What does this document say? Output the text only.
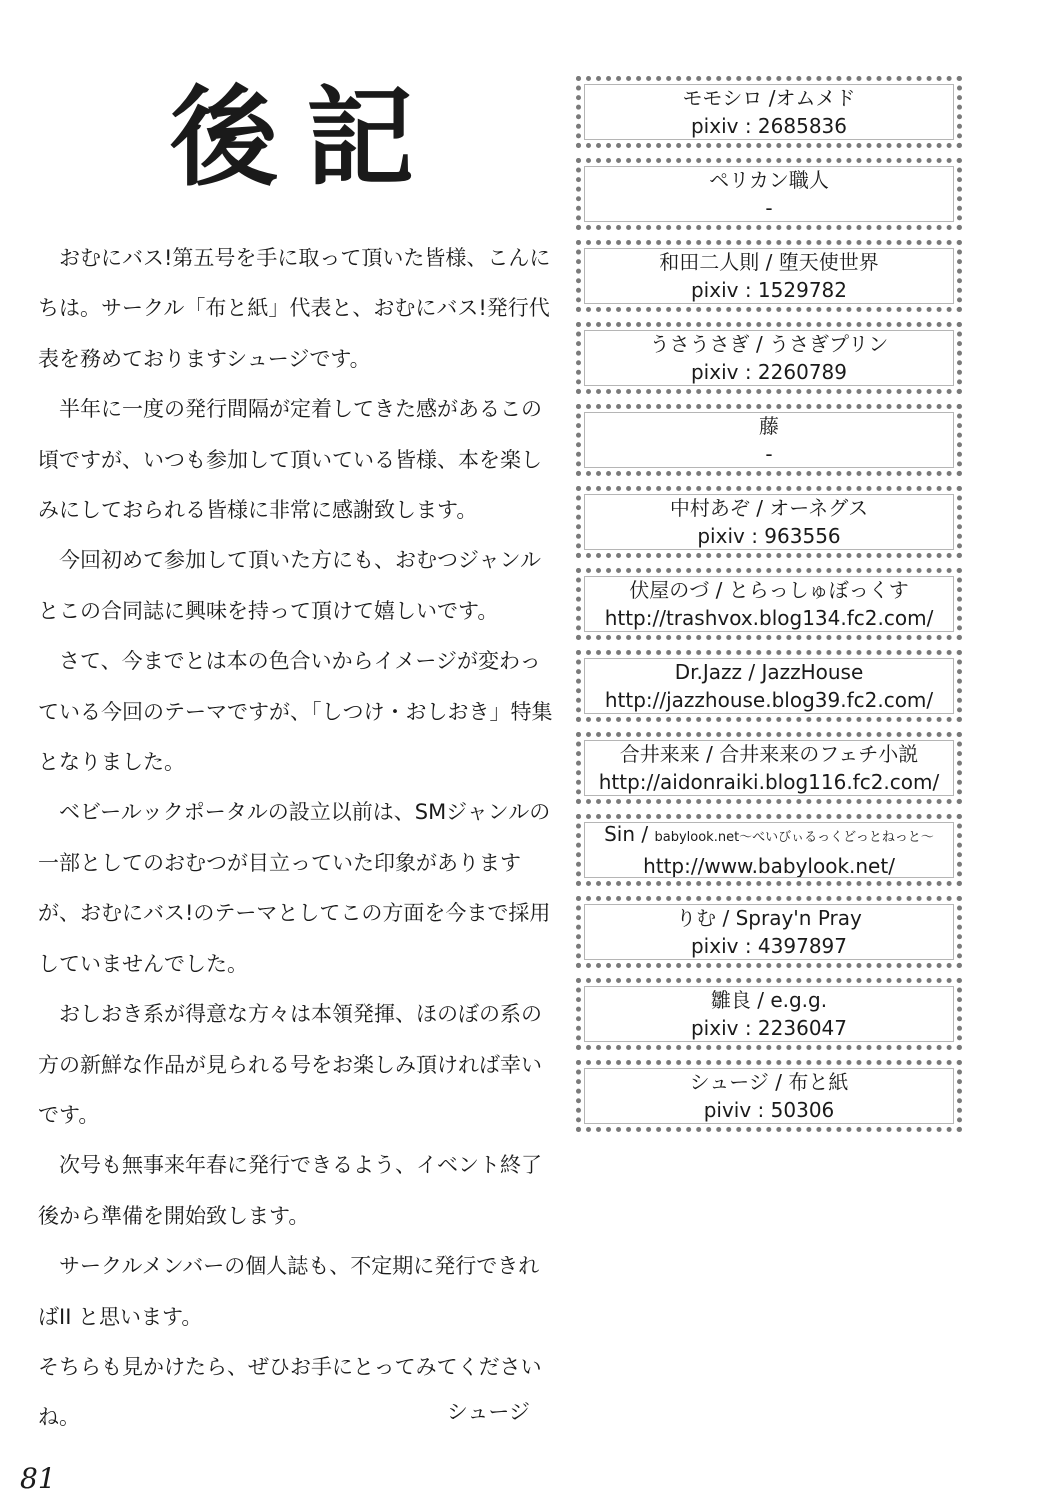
後記

おむにバス!第五号を手に取って頂いた皆様、こんにちは。サークル「布と紙」代表と、おむにバス!発行代表を務めておりますシュージです。

半年に一度の発行間隔が定着してきた感があるこの頃ですが、いつも参加して頂いている皆様、本を楽しみにしておられる皆様に非常に感謝致します。

今回初めて参加して頂いた方にも、おむつジャンルとこの合同誌に興味を持って頂けて嬉しいです。

さて、今までとは本の色合いからイメージが変わっている今回のテーマですが、「しつけ・おしおき」特集となりました。

ベビールックポータルの設立以前は、SMジャンルの一部としてのおむつが目立っていた印象がありますが、おむにバス!のテーマとしてこの方面を今まで採用していませんでした。

おしおき系が得意な方々は本領発揮、ほのぼの系の方の新鮮な作品が見られる号をお楽しみ頂ければ幸いです。

次号も無事来年春に発行できるよう、イベント終了後から準備を開始致します。

サークルメンバーの個人誌も、不定期に発行できればⅠⅠ と思います。

そちらも見かけたら、ぜひお手にとってみてくださいね。	シュージ
81
モモシロ /オムメド
pixiv : 2685836
ペリカン職人
-
和田二人則 / 堕天使世界
pixiv : 1529782
うさうさぎ / うさぎプリン
pixiv : 2260789
藤
-
中村あぞ / オーネグス
pixiv : 963556
伏屋のづ / とらっしゅぼっくす
http://trashvox.blog134.fc2.com/
Dr.Jazz / JazzHouse
http://jazzhouse.blog39.fc2.com/
合井来来 / 合井来来のフェチ小説
http://aidonraiki.blog116.fc2.com/
Sin / babylook.net〜べいびぃるっくどっとねっと〜
http://www.babylook.net/
りむ / Spray'n Pray
pixiv : 4397897
雛良 / e.g.g.
pixiv : 2236047
シュージ / 布と紙
piviv : 50306
